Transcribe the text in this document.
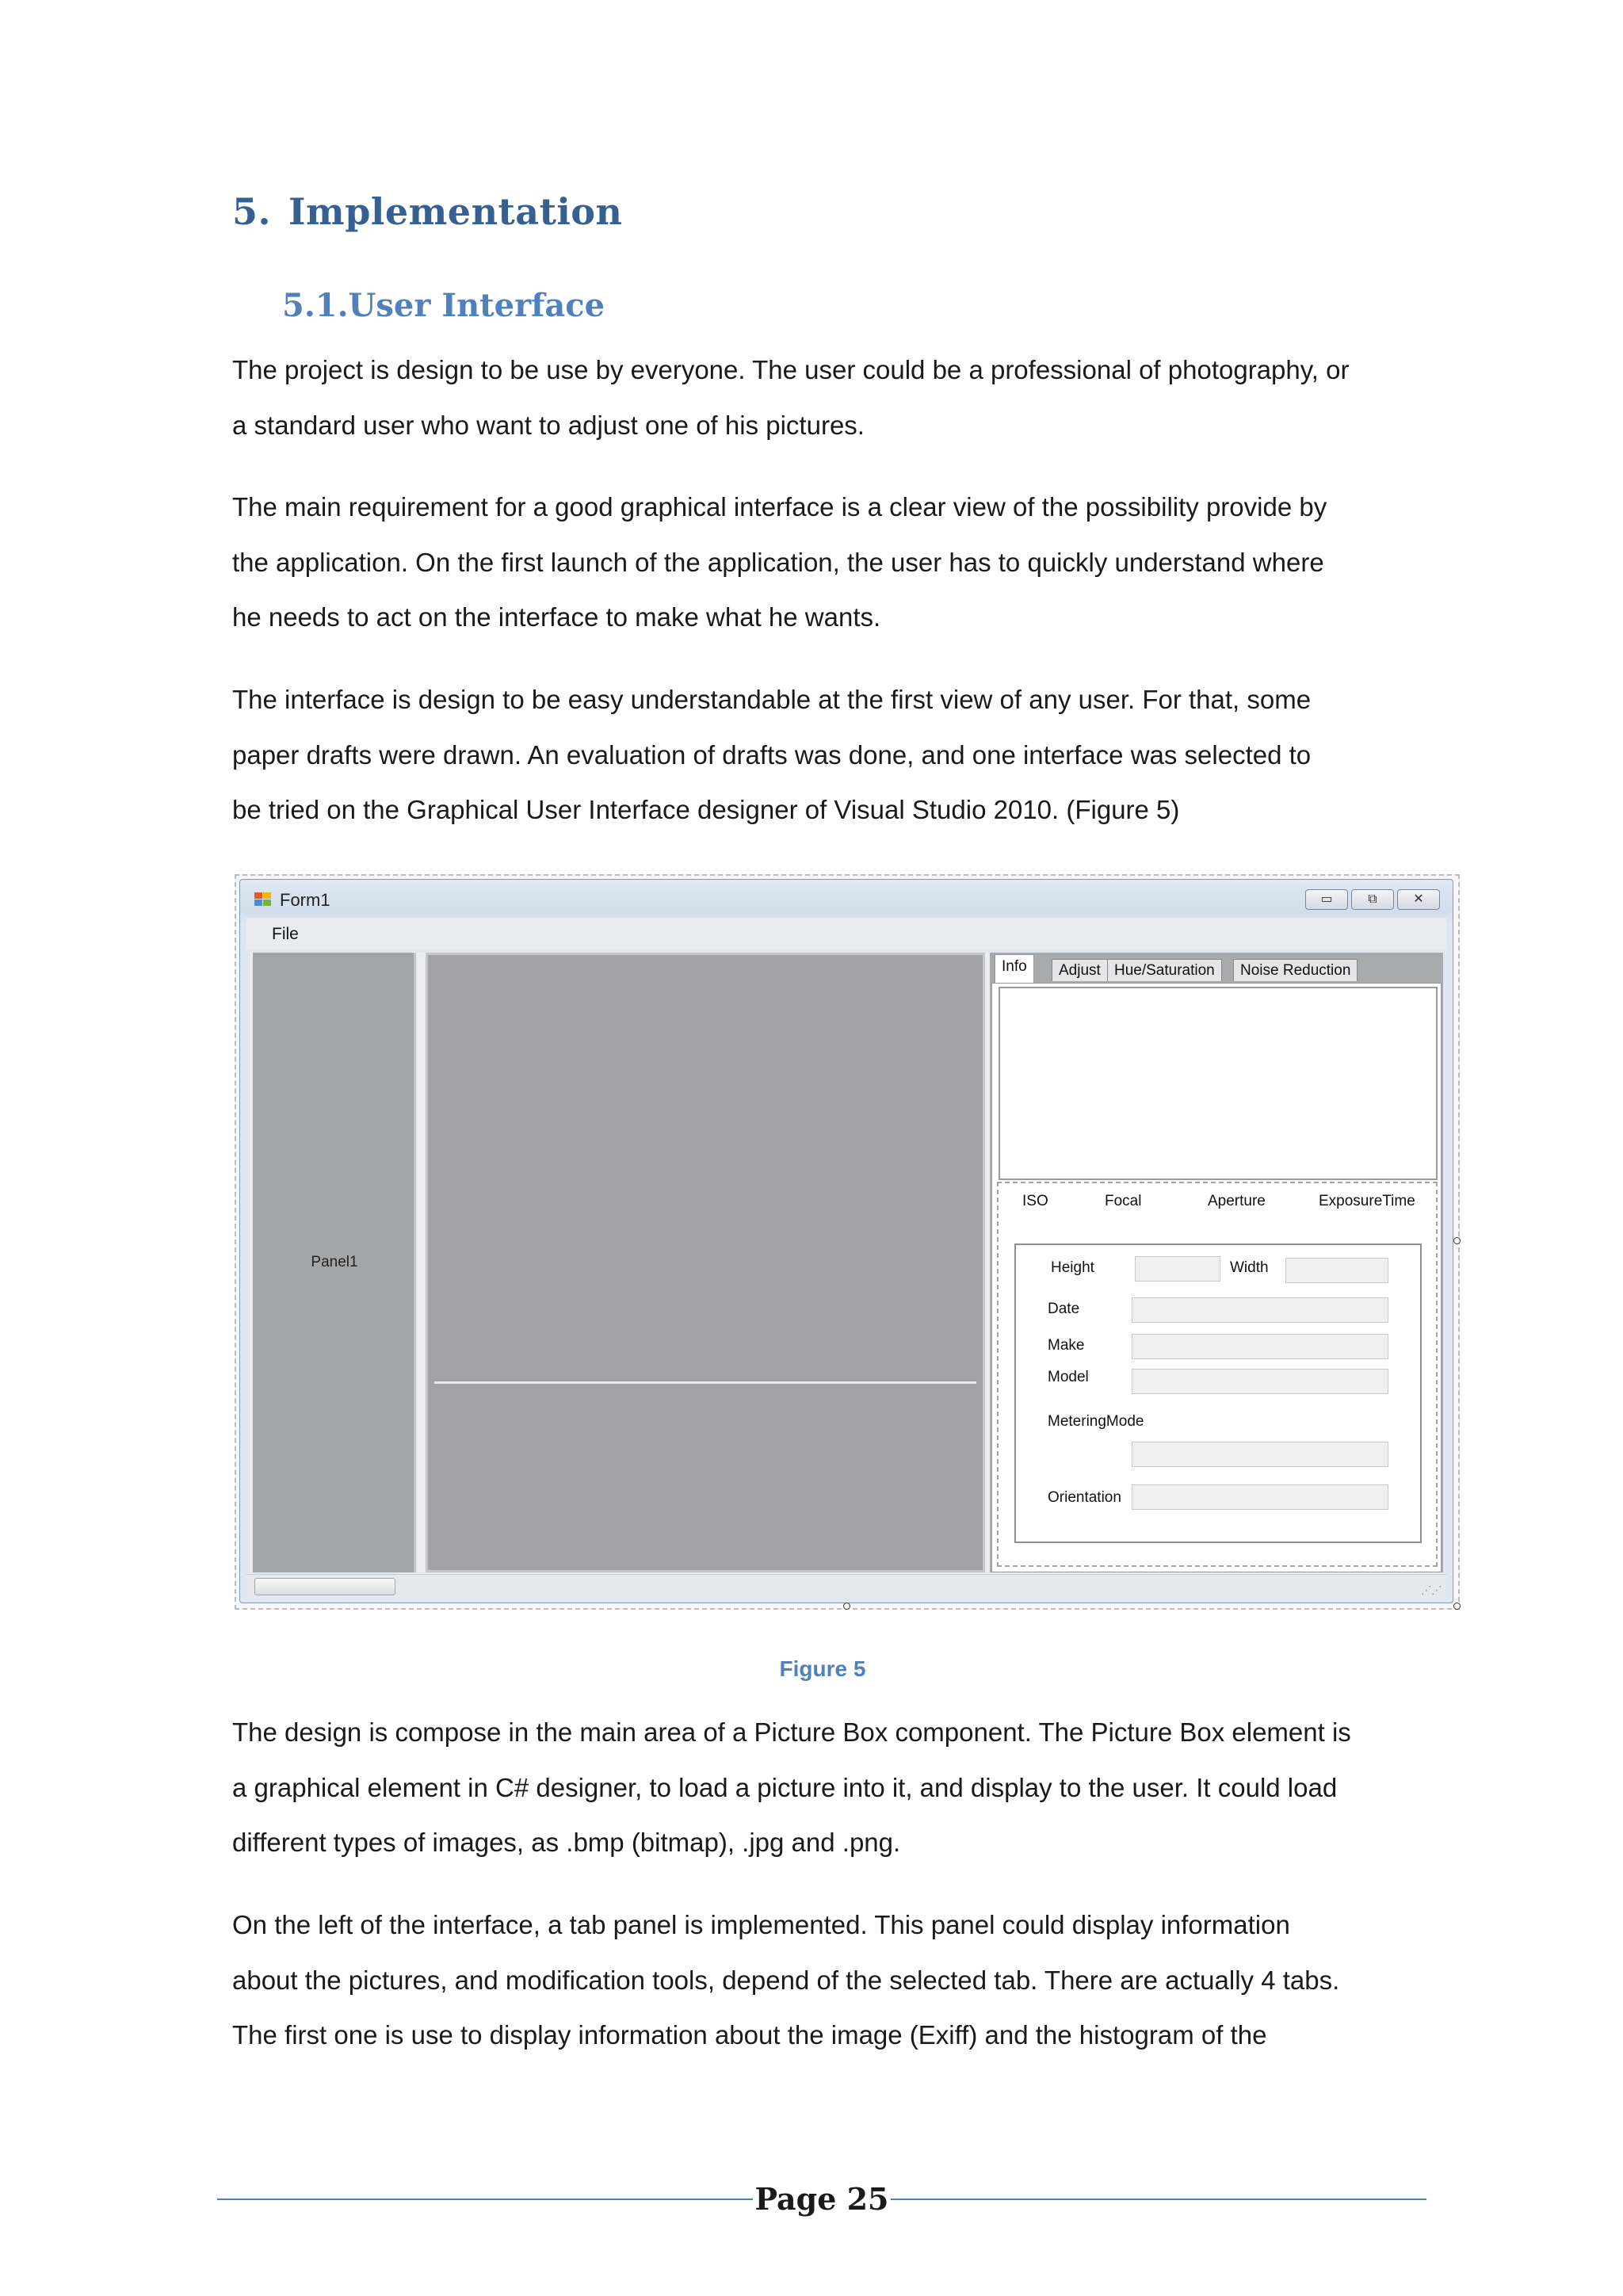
5. Implementation
5.1.User Interface
The project is design to be use by everyone. The user could be a professional of photography, or
a standard user who want to adjust one of his pictures.
The main requirement for a good graphical interface is a clear view of the possibility provide by
the application. On the first launch of the application, the user has to quickly understand where
he needs to act on the interface to make what he wants.
The interface is design to be easy understandable at the first view of any user. For that, some
paper drafts were drawn. An evaluation of drafts was done, and one interface was selected to
be tried on the Graphical User Interface designer of Visual Studio 2010. (Figure 5)
Form1	▭	⧉	✕
File
Panel1
Info	Adjust Hue/Saturation	Noise Reduction
ISO	Focal	Aperture	ExposureTime
Height	Width
Date
Make
Model
MeteringMode
Orientation
⋰⋰
Figure 5
The design is compose in the main area of a Picture Box component. The Picture Box element is
a graphical element in C# designer, to load a picture into it, and display to the user. It could load
different types of images, as .bmp (bitmap), .jpg and .png.
On the left of the interface, a tab panel is implemented. This panel could display information
about the pictures, and modification tools, depend of the selected tab. There are actually 4 tabs.
The first one is use to display information about the image (Exiff) and the histogram of the
Page 25
